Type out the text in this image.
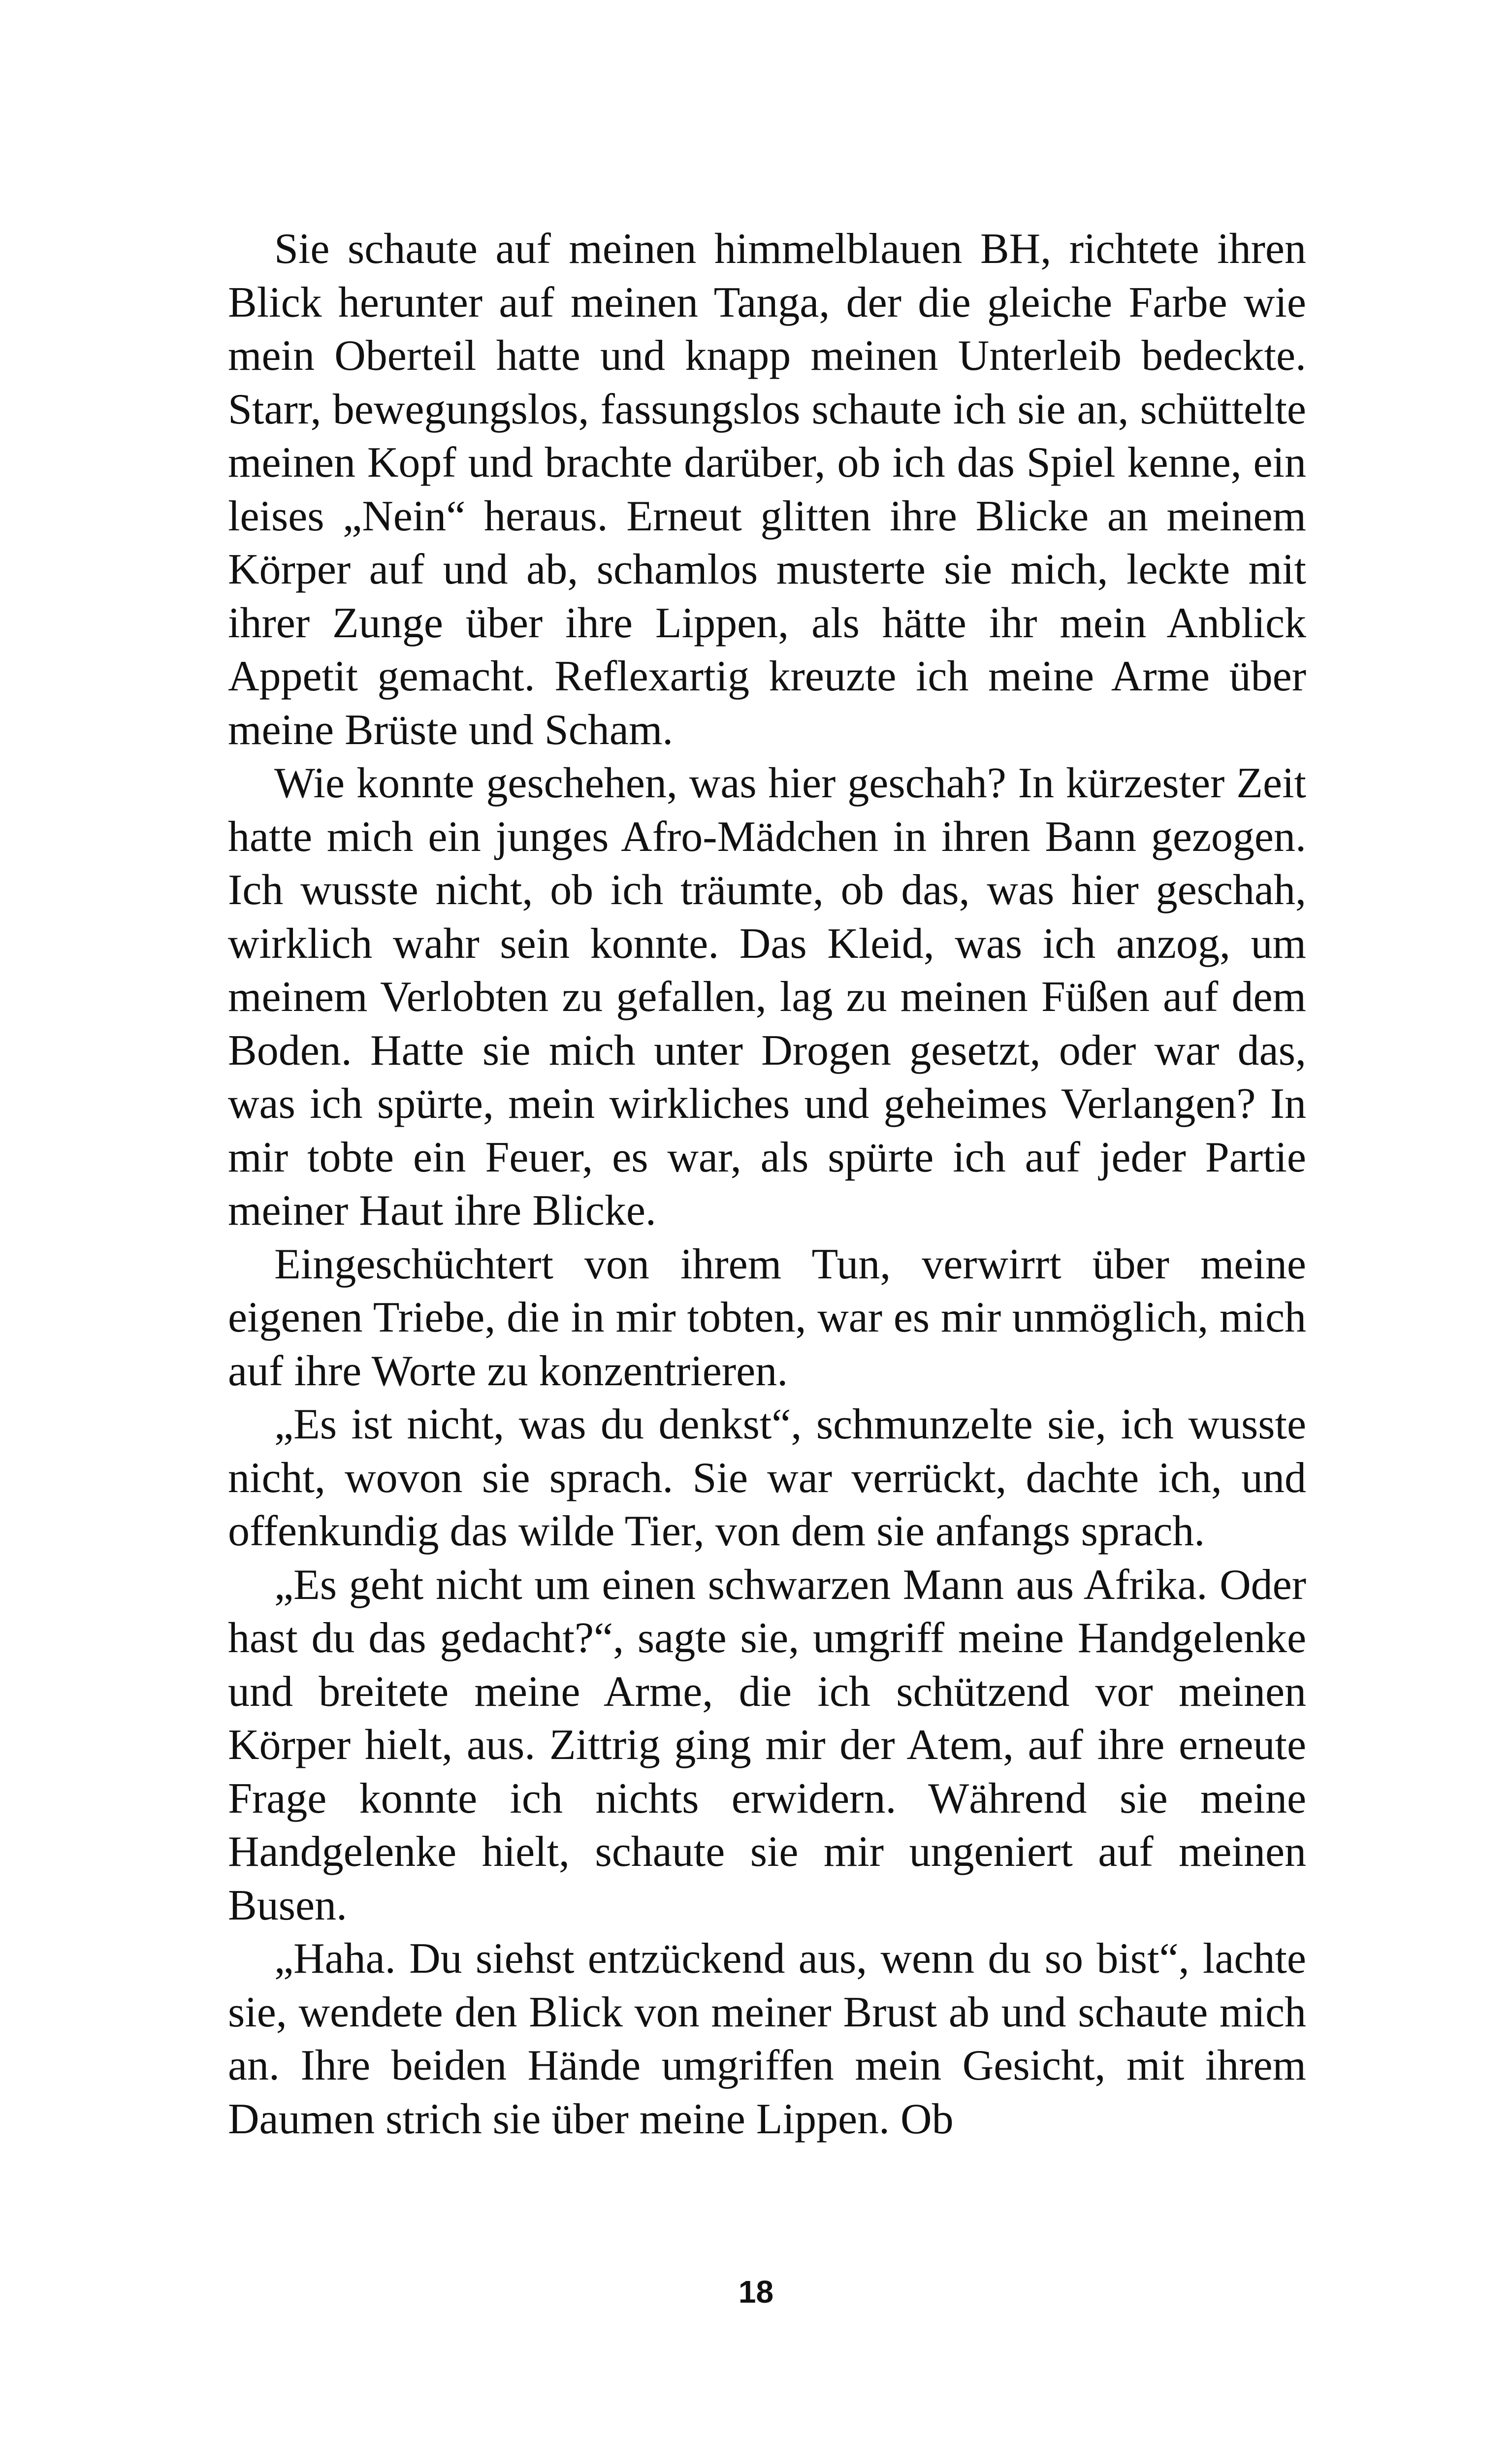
Sie schaute auf meinen himmelblauen BH, richtete ihren Blick herunter auf meinen Tanga, der die gleiche Farbe wie mein Oberteil hatte und knapp meinen Unterleib bedeckte. Starr, bewegungslos, fassungslos schaute ich sie an, schüttelte meinen Kopf und brachte darüber, ob ich das Spiel kenne, ein leises „Nein“ heraus. Erneut glitten ihre Blicke an meinem Körper auf und ab, schamlos musterte sie mich, leckte mit ihrer Zunge über ihre Lippen, als hätte ihr mein Anblick Appetit gemacht. Reflexartig kreuzte ich meine Arme über meine Brüste und Scham.

Wie konnte geschehen, was hier geschah? In kürzester Zeit hatte mich ein junges Afro-Mädchen in ihren Bann gezogen. Ich wusste nicht, ob ich träumte, ob das, was hier geschah, wirklich wahr sein konnte. Das Kleid, was ich anzog, um meinem Verlobten zu gefallen, lag zu meinen Füßen auf dem Boden. Hatte sie mich unter Drogen gesetzt, oder war das, was ich spürte, mein wirkliches und geheimes Verlangen? In mir tobte ein Feuer, es war, als spürte ich auf jeder Partie meiner Haut ihre Blicke.

Eingeschüchtert von ihrem Tun, verwirrt über meine eigenen Triebe, die in mir tobten, war es mir unmöglich, mich auf ihre Worte zu konzentrieren.

„Es ist nicht, was du denkst“, schmunzelte sie, ich wusste nicht, wovon sie sprach. Sie war verrückt, dachte ich, und offenkundig das wilde Tier, von dem sie anfangs sprach.

„Es geht nicht um einen schwarzen Mann aus Afrika. Oder hast du das gedacht?“, sagte sie, umgriff meine Handgelenke und breitete meine Arme, die ich schützend vor meinen Körper hielt, aus. Zittrig ging mir der Atem, auf ihre erneute Frage konnte ich nichts erwidern. Während sie meine Handgelenke hielt, schaute sie mir ungeniert auf meinen Busen.

„Haha. Du siehst entzückend aus, wenn du so bist“, lachte sie, wendete den Blick von meiner Brust ab und schaute mich an. Ihre beiden Hände umgriffen mein Gesicht, mit ihrem Daumen strich sie über meine Lippen. Ob

18
